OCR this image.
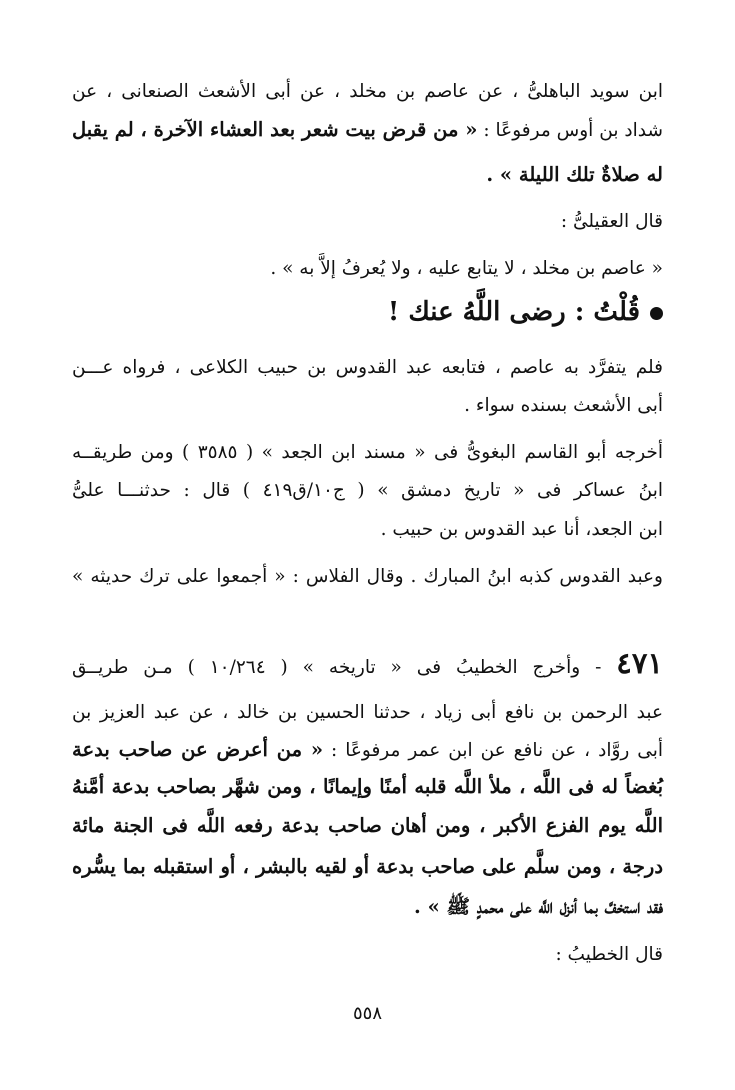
ابن سويد الباهلىُّ ، عن عاصم بن مخلد ، عن أبى الأشعث الصنعانى ، عن
شداد بن أوس مرفوعًا : « من قرض بيت شعر بعد العشاء الآخرة ، لم يقبل
له صلاةٌ تلك الليلة » .
قال العقيلىُّ :
« عاصم بن مخلد ، لا يتابع عليه ، ولا يُعرفُ إلاَّ به » .
قُلْتُ : رضى اللَّهُ عنك !
فلم يتفرَّد به عاصم ، فتابعه عبد القدوس بن حبيب الكلاعى ، فرواه عـــن
أبى الأشعث بسنده سواء .
أخرجه أبو القاسم البغوىُّ فى « مسند ابن الجعد » ( ٣٥٨٥ ) ومن طريقــه
ابنُ عساكر فى « تاريخ دمشق » ( ج١٠/ق٤١٩ ) قال : حدثنـــا علىُّ
ابن الجعد، أنا عبد القدوس بن حبيب .
وعبد القدوس كذبه ابنُ المبارك . وقال الفلاس : « أجمعوا على ترك حديثه »
٤٧١ - وأخرج الخطيبُ فى « تاريخه » ( ١٠/٢٦٤ ) مـن طريــق
عبد الرحمن بن نافع أبى زياد ، حدثنا الحسين بن خالد ، عن عبد العزيز بن
أبى روَّاد ، عن نافع عن ابن عمر مرفوعًا : « من أعرض عن صاحب بدعة
بُغضاً له فى اللَّه ، ملأ اللَّه قلبه أمنًا وإيمانًا ، ومن شهَّر بصاحب بدعة أمَّنهُ
اللَّه يوم الفزع الأكبر ، ومن أهان صاحب بدعة رفعه اللَّه فى الجنة مائة
درجة ، ومن سلَّم على صاحب بدعة أو لقيه بالبشر ، أو استقبله بما يسُّره
فقد استخفَّ بما أنزل اللَّه على محمدٍ ﷺ » .
قال الخطيبُ :
٥٥٨
